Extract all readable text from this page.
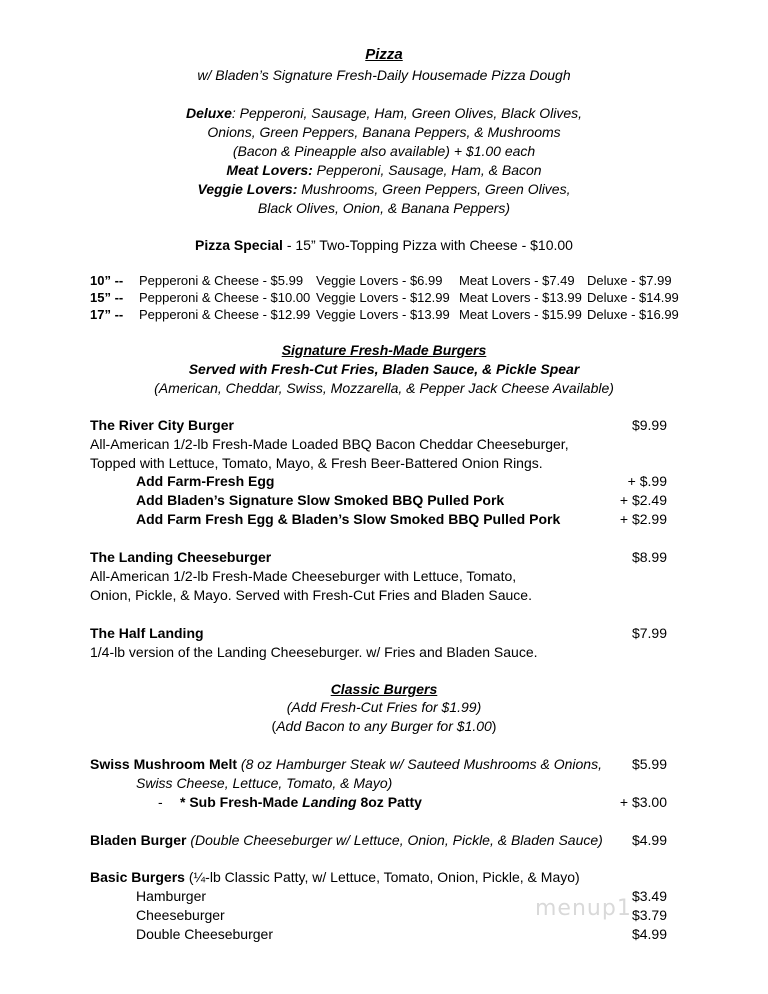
Pizza
w/ Bladen’s Signature Fresh-Daily Housemade Pizza Dough
Deluxe: Pepperoni, Sausage, Ham, Green Olives, Black Olives,
Onions, Green Peppers, Banana Peppers, & Mushrooms
(Bacon & Pineapple also available) + $1.00 each
Meat Lovers: Pepperoni, Sausage, Ham, & Bacon
Veggie Lovers: Mushrooms, Green Peppers, Green Olives,
Black Olives, Onion, & Banana Peppers)
Pizza Special - 15” Two-Topping Pizza with Cheese - $10.00
10” -- Pepperoni & Cheese - $5.99 Veggie Lovers - $6.99 Meat Lovers - $7.49 Deluxe - $7.99
15” -- Pepperoni & Cheese - $10.00 Veggie Lovers - $12.99 Meat Lovers - $13.99 Deluxe - $14.99
17” -- Pepperoni & Cheese - $12.99 Veggie Lovers - $13.99 Meat Lovers - $15.99 Deluxe - $16.99
Signature Fresh-Made Burgers
Served with Fresh-Cut Fries, Bladen Sauce, & Pickle Spear
(American, Cheddar, Swiss, Mozzarella, & Pepper Jack Cheese Available)
The River City Burger	$9.99
All-American 1/2-lb Fresh-Made Loaded BBQ Bacon Cheddar Cheeseburger,
Topped with Lettuce, Tomato, Mayo, & Fresh Beer-Battered Onion Rings.
Add Farm-Fresh Egg	+ $.99
Add Bladen’s Signature Slow Smoked BBQ Pulled Pork	+ $2.49
Add Farm Fresh Egg & Bladen’s Slow Smoked BBQ Pulled Pork	+ $2.99
The Landing Cheeseburger	$8.99
All-American 1/2-lb Fresh-Made Cheeseburger with Lettuce, Tomato,
Onion, Pickle, & Mayo. Served with Fresh-Cut Fries and Bladen Sauce.
The Half Landing	$7.99
1/4-lb version of the Landing Cheeseburger. w/ Fries and Bladen Sauce.
Classic Burgers
(Add Fresh-Cut Fries for $1.99)
(Add Bacon to any Burger for $1.00)
Swiss Mushroom Melt (8 oz Hamburger Steak w/ Sauteed Mushrooms & Onions, $5.99
Swiss Cheese, Lettuce, Tomato, & Mayo)
- * Sub Fresh-Made Landing 8oz Patty	+ $3.00
Bladen Burger (Double Cheeseburger w/ Lettuce, Onion, Pickle, & Bladen Sauce) $4.99
Basic Burgers (¼-lb Classic Patty, w/ Lettuce, Tomato, Onion, Pickle, & Mayo)
Hamburger	$3.49
Cheeseburger	$3.79
Double Cheeseburger	$4.99
menup1
